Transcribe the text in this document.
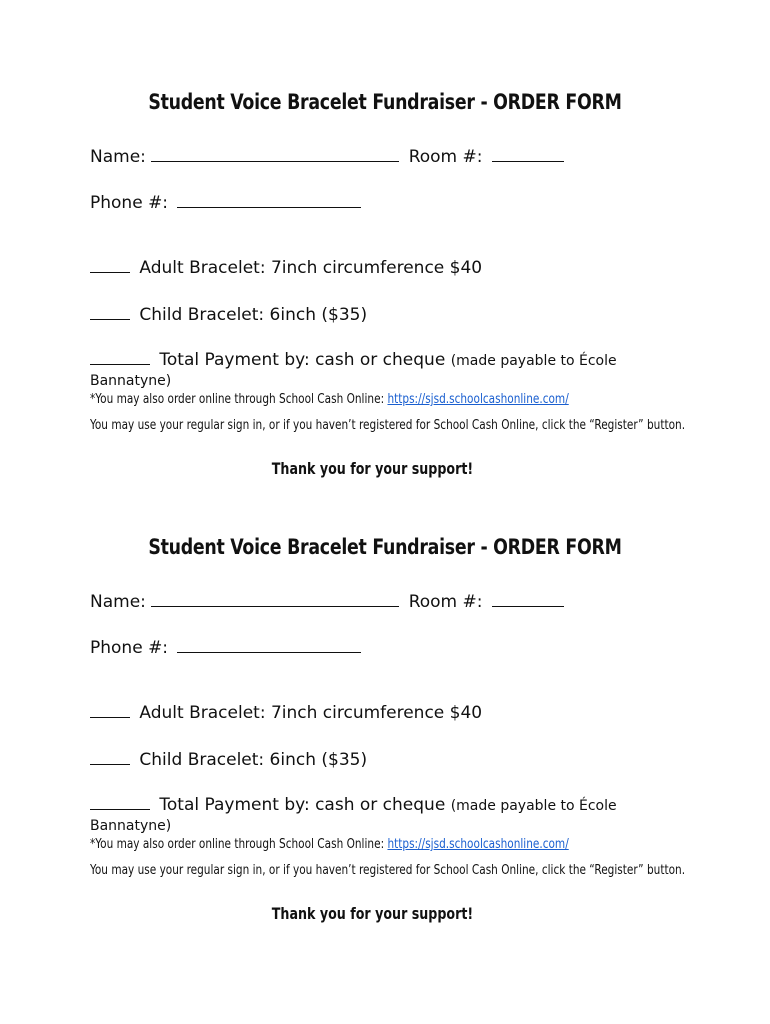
Student Voice Bracelet Fundraiser - ORDER FORM
Name:	Room #:
Phone #:
Adult Bracelet: 7inch circumference $40
Child Bracelet: 6inch ($35)
Total Payment by: cash or cheque (made payable to École
Bannatyne)
*You may also order online through School Cash Online: https://sjsd.schoolcashonline.com/
You may use your regular sign in, or if you haven’t registered for School Cash Online, click the “Register” button.
Thank you for your support!
Student Voice Bracelet Fundraiser - ORDER FORM
Name:	Room #:
Phone #:
Adult Bracelet: 7inch circumference $40
Child Bracelet: 6inch ($35)
Total Payment by: cash or cheque (made payable to École
Bannatyne)
*You may also order online through School Cash Online: https://sjsd.schoolcashonline.com/
You may use your regular sign in, or if you haven’t registered for School Cash Online, click the “Register” button.
Thank you for your support!
